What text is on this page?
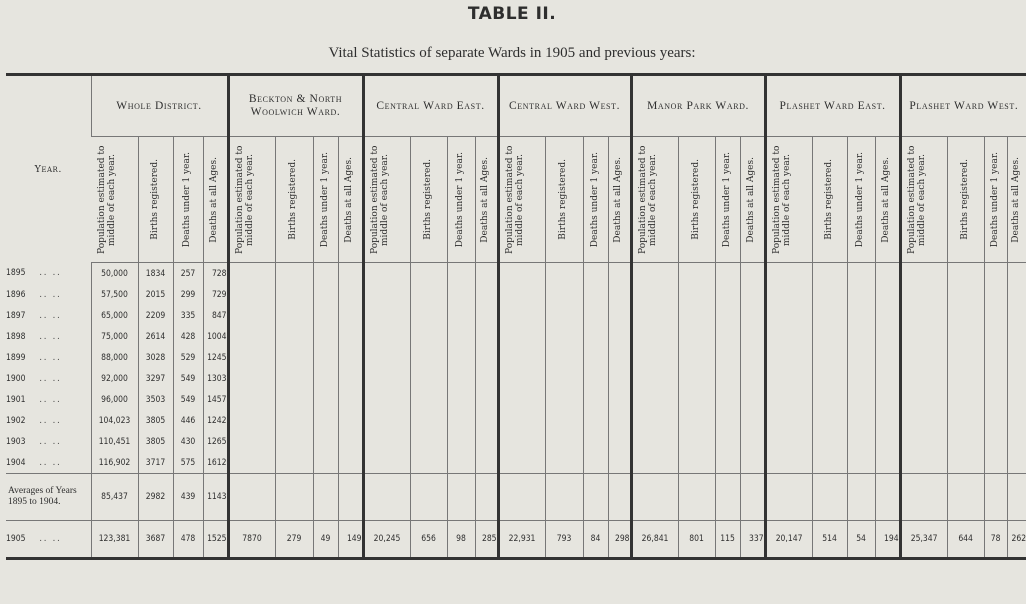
TABLE II.
Vital Statistics of separate Wards in 1905 and previous years:
Year.	Whole District.				Beckton & North Woolwich Ward.				Central Ward East.				Central Ward West.				Manor Park Ward.				Plashet Ward East.				Plashet Ward West.			

	Population estimated to middle of each year.	Births registered.	Deaths under 1 year.	Deaths at all Ages.	Population estimated to middle of each year.	Births registered.	Deaths under 1 year.	Deaths at all Ages.	Population estimated to middle of each year.	Births registered.	Deaths under 1 year.	Deaths at all Ages.	Population estimated to middle of each year.	Births registered.	Deaths under 1 year.	Deaths at all Ages.	Population estimated to middle of each year.	Births registered.	Deaths under 1 year.	Deaths at all Ages.	Population estimated to middle of each year.	Births registered.	Deaths under 1 year.	Deaths at all Ages.	Population estimated to middle of each year.	Births registered.	Deaths under 1 year.	Deaths at all Ages.

1895 .. ..	50,000	1834	257	728																								
1896 .. ..	57,500	2015	299	729																								
1897 .. ..	65,000	2209	335	847																								
1898 .. ..	75,000	2614	428	1004																								
1899 .. ..	88,000	3028	529	1245																								
1900 .. ..	92,000	3297	549	1303																								
1901 .. ..	96,000	3503	549	1457																								
1902 .. ..	104,023	3805	446	1242																								
1903 .. ..	110,451	3805	430	1265																								
1904 .. ..	116,902	3717	575	1612																								
Averages of Years 1895 to 1904.	85,437	2982	439	1143																								
1905 .. ..	123,381	3687	478	1525	7870	279	49	149	20,245	656	98	285	22,931	793	84	298	26,841	801	115	337	20,147	514	54	194	25,347	644	78	262
